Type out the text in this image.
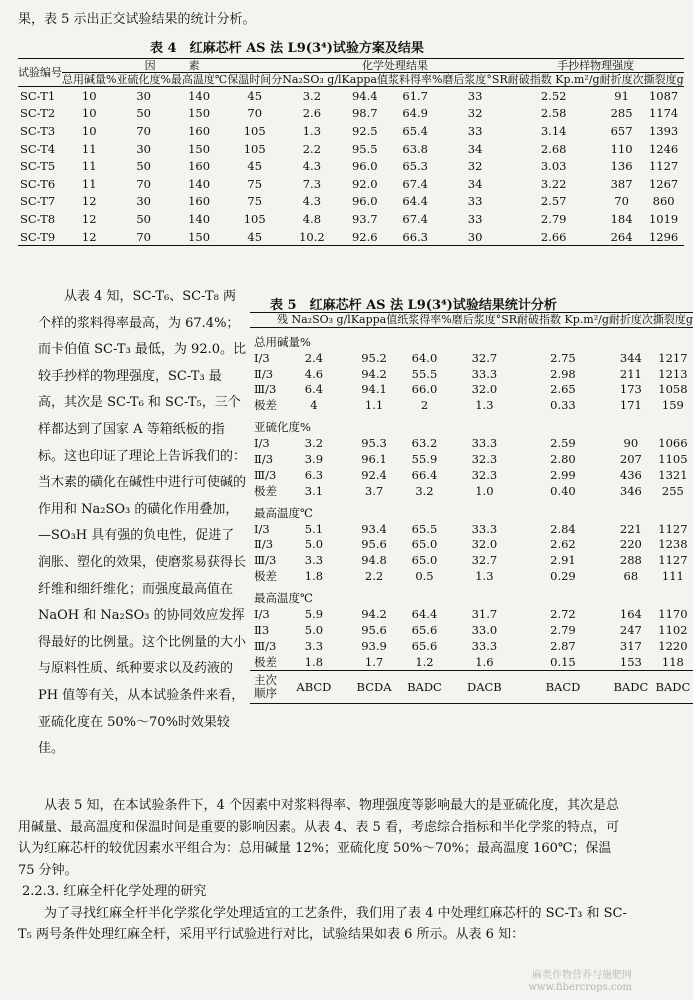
果，表 5 示出正交试验结果的统计分析。
表 4　红麻芯杆 AS 法 L9(3⁴)试验方案及结果
试验编号	因　　　素				化学处理结果				手抄样物理强度		
	总用碱量%	亚硫化度%	最高温度℃	保温时间分	Na₂SO₃ g/l	Kappa值	浆料得率%	磨后浆度°SR	耐破指数 Kp.m²/g	耐折度次	撕裂度g
SC-T1	10	30	140	45	3.2	94.4	61.7	33	2.52	91	1087
SC-T2	10	50	150	70	2.6	98.7	64.9	32	2.58	285	1174
SC-T3	10	70	160	105	1.3	92.5	65.4	33	3.14	657	1393
SC-T4	11	30	150	105	2.2	95.5	63.8	34	2.68	110	1246
SC-T5	11	50	160	45	4.3	96.0	65.3	32	3.03	136	1127
SC-T6	11	70	140	75	7.3	92.0	67.4	34	3.22	387	1267
SC-T7	12	30	160	75	4.3	96.0	64.4	33	2.57	70	860
SC-T8	12	50	140	105	4.8	93.7	67.4	33	2.79	184	1019
SC-T9	12	70	150	45	10.2	92.6	66.3	30	2.66	264	1296

从表 4 知，SC-T₆、SC-T₈ 两个样的浆料得率最高，为 67.4%；而卡伯值 SC-T₃ 最低，为 92.0。比较手抄样的物理强度，SC-T₃ 最高，其次是 SC-T₆ 和 SC-T₅，三个样都达到了国家 A 等箱纸板的指标。这也印证了理论上告诉我们的：当木素的磺化在碱性中进行可使碱的作用和 Na₂SO₃ 的磺化作用叠加，—SO₃H 具有强的负电性，促进了润胀、塑化的效果，使磨浆易获得长纤维和细纤维化；而强度最高值在 NaOH 和 Na₂SO₃ 的协同效应发挥得最好的比例量。这个比例量的大小与原料性质、纸种要求以及药液的 PH 值等有关，从本试验条件来看，亚硫化度在 50%～70%时效果较佳。

表 5　红麻芯杆 AS 法 L9(3⁴)试验结果统计分析
	残 Na₂SO₃ g/l	Kappa值	纸浆得率%	磨后浆度°SR	耐破指数 Kp.m²/g	耐折度次	撕裂度g
总用碱量%							
Ⅰ/3	2.4	95.2	64.0	32.7	2.75	344	1217
Ⅱ/3	4.6	94.2	55.5	33.3	2.98	211	1213
Ⅲ/3	6.4	94.1	66.0	32.0	2.65	173	1058
极差	4	1.1	2	1.3	0.33	171	159
亚硫化度%							
Ⅰ/3	3.2	95.3	63.2	33.3	2.59	90	1066
Ⅱ/3	3.9	96.1	55.9	32.3	2.80	207	1105
Ⅲ/3	6.3	92.4	66.4	32.3	2.99	436	1321
极差	3.1	3.7	3.2	1.0	0.40	346	255
最高温度℃							
Ⅰ/3	5.1	93.4	65.5	33.3	2.84	221	1127
Ⅱ/3	5.0	95.6	65.0	32.0	2.62	220	1238
Ⅲ/3	3.3	94.8	65.0	32.7	2.91	288	1127
极差	1.8	2.2	0.5	1.3	0.29	68	111
最高温度℃							
Ⅰ/3	5.9	94.2	64.4	31.7	2.72	164	1170
Ⅱ3	5.0	95.6	65.6	33.0	2.79	247	1102
Ⅲ/3	3.3	93.9	65.6	33.3	2.87	317	1220
极差	1.8	1.7	1.2	1.6	0.15	153	118
主次顺序	ABCD	BCDA	BADC	DACB	BACD	BADC	BADC

从表 5 知，在本试验条件下，4 个因素中对浆料得率、物理强度等影响最大的是亚硫化度，其次是总用碱量、最高温度和保温时间是重要的影响因素。从表 4、表 5 看，考虑综合指标和半化学浆的特点，可认为红麻芯杆的较优因素水平组合为：总用碱量 12%；亚硫化度 50%～70%；最高温度 160℃；保温 75 分钟。

2.2.3. 红麻全杆化学处理的研究

为了寻找红麻全杆半化学浆化学处理适宜的工艺条件，我们用了表 4 中处理红麻芯杆的 SC-T₃ 和 SC-T₅ 两号条件处理红麻全杆，采用平行试验进行对比，试验结果如表 6 所示。从表 6 知：

麻类作物营养与施肥网
www.fibercrops.com
